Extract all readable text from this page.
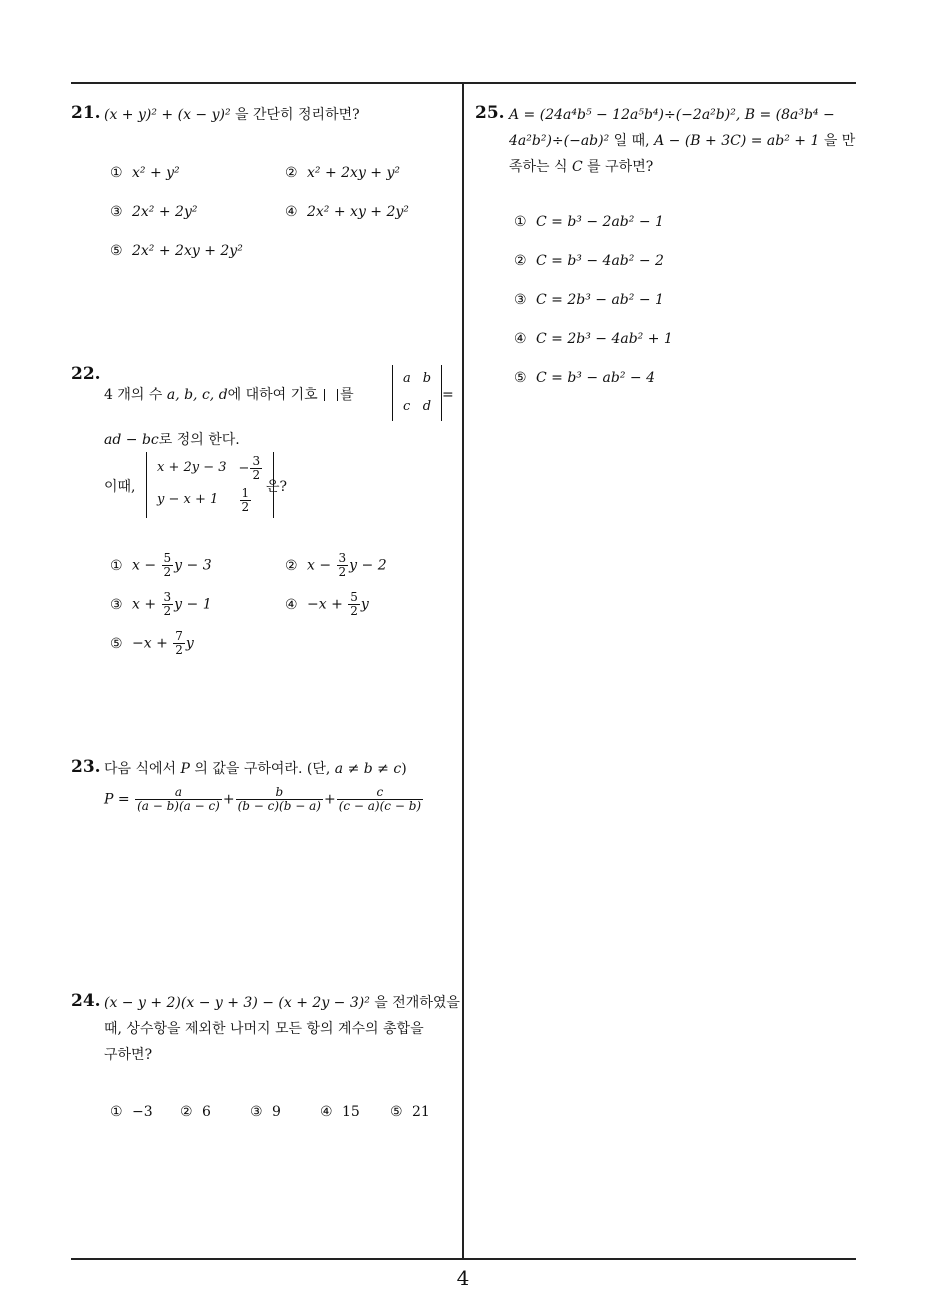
21. (x + y)² + (x − y)² 을 간단히 정리하면?
① x² + y²	② x² + 2xy + y²
③ 2x² + 2y²	④ 2x² + xy + 2y²
⑤ 2x² + 2xy + 2y²
22.
4 개의 수 a, b, c, d에 대하여 기호 를
a	b
c	d
=
ad − bc로 정의 한다.
이때,
x + 2y − 3	− $\frac{3}{2}$

y − x + 1	$\frac{1}{2}$ 은?
① $x - \frac{5}{2}$ y − 3	② $x - \frac{3}{2}$ y − 2
③ $x + \frac{3}{2}$ y − 1	④ $-x + \frac{5}{2}$ y
⑤ $-x + \frac{7}{2}$ y
23. 다음 식에서 P 의 값을 구하여라. (단, a ≠ b ≠ c)
$P = \frac{a}{(a - b)(a - c)} + \frac{b}{(b - c)(b - a)} + \frac{c}{(c - a)(c - b)}$
24. (x − y + 2)(x − y + 3) − (x + 2y − 3)² 을 전개하였을
때, 상수항을 제외한 나머지 모든 항의 계수의 총합을
구하면?
① −3 ② 6	③ 9	④ 15 ⑤ 21
25. A = (24a⁴b⁵ − 12a⁵b⁴)÷(−2a²b)², B = (8a³b⁴ −
4a²b²)÷(−ab)² 일 때, A − (B + 3C) = ab² + 1 을 만
족하는 식 C 를 구하면?
① C = b³ − 2ab² − 1
② C = b³ − 4ab² − 2
③ C = 2b³ − ab² − 1
④ C = 2b³ − 4ab² + 1
⑤ C = b³ − ab² − 4
4
